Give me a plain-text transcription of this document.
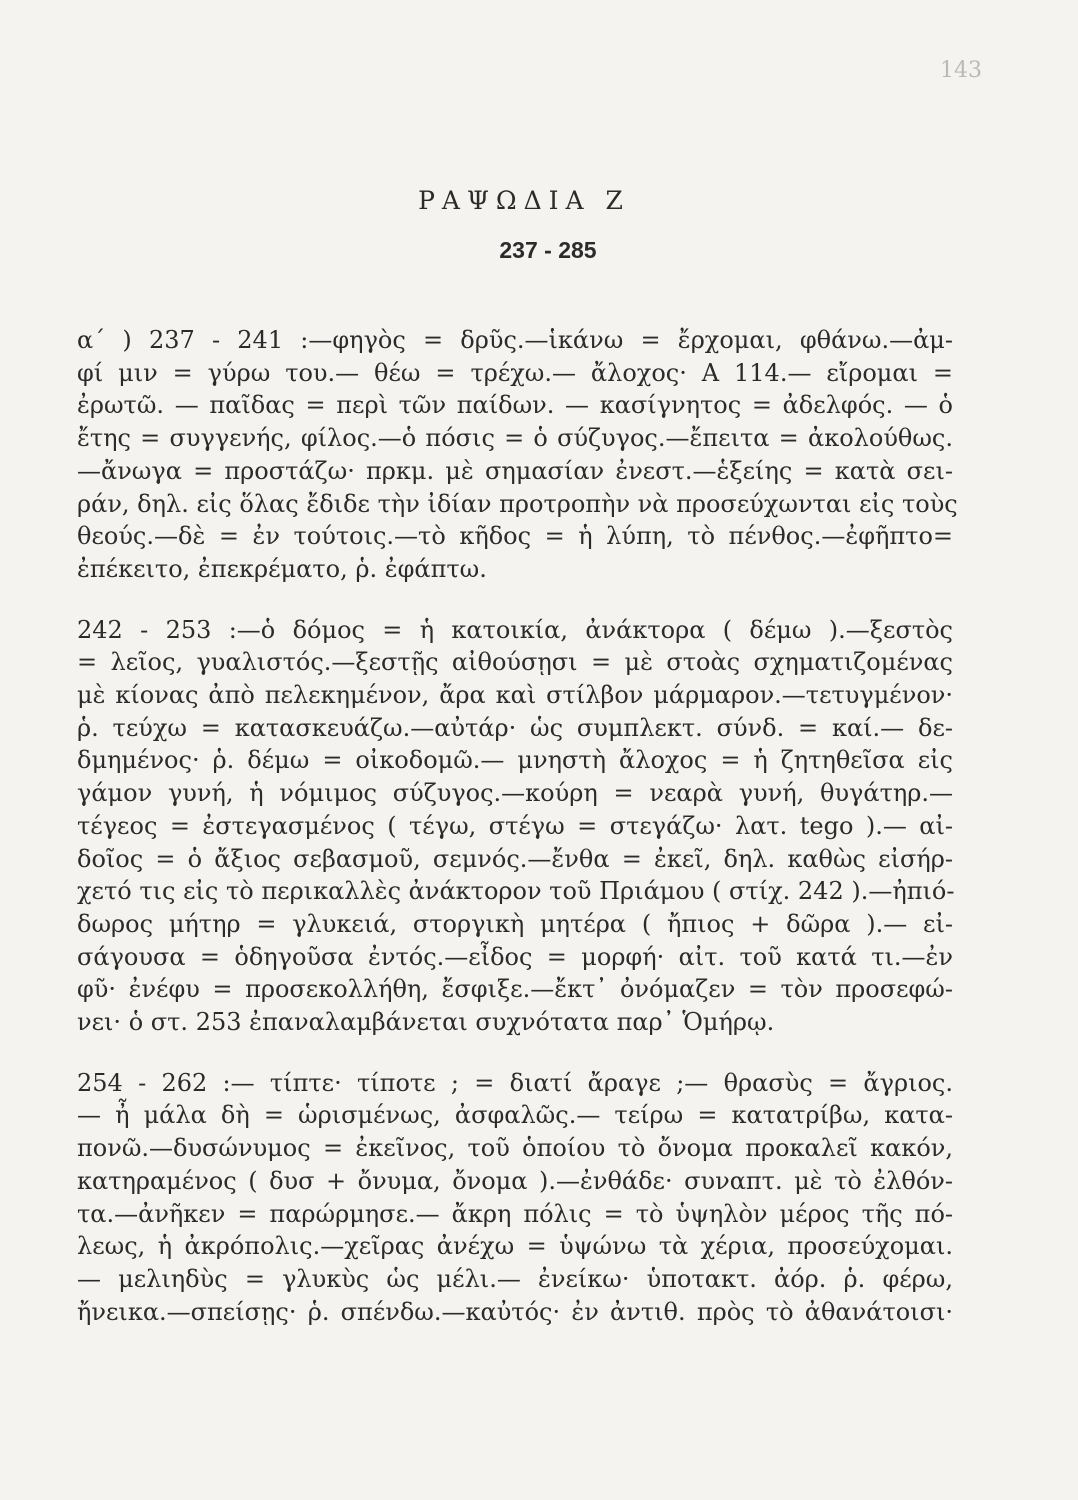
143
ΡΑΨΩΔΙΑ Ζ
237 - 285
α΄ ) 237 - 241 :—φηγὸς = δρῦς.—ἱκάνω = ἔρχομαι, φθάνω.—ἀμ-
φί μιν = γύρω του.— θέω = τρέχω.— ἄλοχος· Α 114.— εἴρομαι =
ἐρωτῶ. — παῖδας = περὶ τῶν παίδων. — κασίγνητος = ἀδελφός. — ὁ
ἔτης = συγγενής, φίλος.—ὁ πόσις = ὁ σύζυγος.—ἔπειτα = ἀκολούθως.
—ἄνωγα = προστάζω· πρκμ. μὲ σημασίαν ἐνεστ.—ἑξείης = κατὰ σει-
ράν, δηλ. εἰς ὅλας ἔδιδε τὴν ἰδίαν προτροπὴν νὰ προσεύχωνται εἰς τοὺς
θεούς.—δὲ = ἐν τούτοις.—τὸ κῆδος = ἡ λύπη, τὸ πένθος.—ἐφῆπτο=
ἐπέκειτο, ἐπεκρέματο, ῥ. ἐφάπτω.
242 - 253 :—ὁ δόμος = ἡ κατοικία, ἀνάκτορα ( δέμω ).—ξεστὸς
= λεῖος, γυαλιστός.—ξεστῇς αἰθούσῃσι = μὲ στοὰς σχηματιζομένας
μὲ κίονας ἀπὸ πελεκημένον, ἄρα καὶ στίλβον μάρμαρον.—τετυγμένον·
ῥ. τεύχω = κατασκευάζω.—αὐτάρ· ὡς συμπλεκτ. σύνδ. = καί.— δε-
δμημένος· ῥ. δέμω = οἰκοδομῶ.— μνηστὴ ἄλοχος = ἡ ζητηθεῖσα εἰς
γάμον γυνή, ἡ νόμιμος σύζυγος.—κούρη = νεαρὰ γυνή, θυγάτηρ.—
τέγεος = ἐστεγασμένος ( τέγω, στέγω = στεγάζω· λατ. tego ).— αἰ-
δοῖος = ὁ ἄξιος σεβασμοῦ, σεμνός.—ἔνθα = ἐκεῖ, δηλ. καθὼς εἰσήρ-
χετό τις εἰς τὸ περικαλλὲς ἀνάκτορον τοῦ Πριάμου ( στίχ. 242 ).—ἠπιό-
δωρος μήτηρ = γλυκειά, στοργικὴ μητέρα ( ἤπιος + δῶρα ).— εἰ-
σάγουσα = ὁδηγοῦσα ἐντός.—εἶδος = μορφή· αἰτ. τοῦ κατά τι.—ἐν
φῦ· ἐνέφυ = προσεκολλήθη, ἔσφιξε.—ἔκτ᾽ ὀνόμαζεν = τὸν προσεφώ-
νει· ὁ στ. 253 ἐπαναλαμβάνεται συχνότατα παρ᾽ Ὁμήρῳ.
254 - 262 :— τίπτε· τίποτε ; = διατί ἄραγε ;— θρασὺς = ἄγριος.
— ἦ μάλα δὴ = ὡρισμένως, ἀσφαλῶς.— τείρω = κατατρίβω, κατα-
πονῶ.—δυσώνυμος = ἐκεῖνος, τοῦ ὁποίου τὸ ὄνομα προκαλεῖ κακόν,
κατηραμένος ( δυσ + ὄνυμα, ὄνομα ).—ἐνθάδε· συναπτ. μὲ τὸ ἐλθόν-
τα.—ἀνῆκεν = παρώρμησε.— ἄκρη πόλις = τὸ ὑψηλὸν μέρος τῆς πό-
λεως, ἡ ἀκρόπολις.—χεῖρας ἀνέχω = ὑψώνω τὰ χέρια, προσεύχομαι.
— μελιηδὺς = γλυκὺς ὡς μέλι.— ἐνείκω· ὑποτακτ. ἀόρ. ῥ. φέρω,
ἤνεικα.—σπείσῃς· ῥ. σπένδω.—καὐτός· ἐν ἀντιθ. πρὸς τὸ ἀθανάτοισι·
